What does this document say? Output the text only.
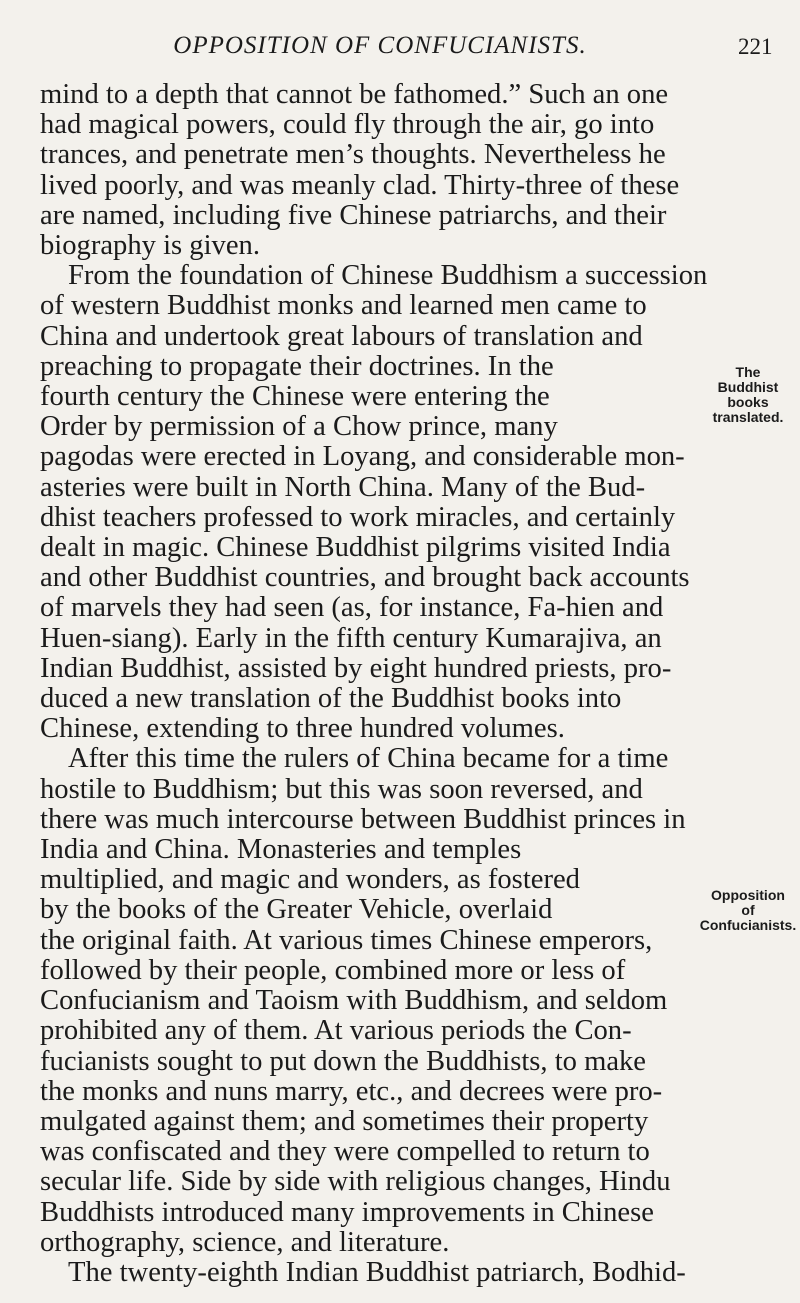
OPPOSITION OF CONFUCIANISTS.	221
mind to a depth that cannot be fathomed.” Such an one
had magical powers, could fly through the air, go into
trances, and penetrate men’s thoughts. Nevertheless he
lived poorly, and was meanly clad. Thirty-three of these
are named, including five Chinese patriarchs, and their
biography is given.
From the foundation of Chinese Buddhism a succession
of western Buddhist monks and learned men came to
China and undertook great labours of translation and
preaching to propagate their doctrines. In the
fourth century the Chinese were entering the
Order by permission of a Chow prince, many
pagodas were erected in Loyang, and considerable mon-
asteries were built in North China. Many of the Bud-
dhist teachers professed to work miracles, and certainly
dealt in magic. Chinese Buddhist pilgrims visited India
and other Buddhist countries, and brought back accounts
of marvels they had seen (as, for instance, Fa-hien and
Huen-siang). Early in the fifth century Kumarajiva, an
Indian Buddhist, assisted by eight hundred priests, pro-
duced a new translation of the Buddhist books into
Chinese, extending to three hundred volumes.
After this time the rulers of China became for a time
hostile to Buddhism; but this was soon reversed, and
there was much intercourse between Buddhist princes in
India and China. Monasteries and temples
multiplied, and magic and wonders, as fostered
by the books of the Greater Vehicle, overlaid
the original faith. At various times Chinese emperors,
followed by their people, combined more or less of
Confucianism and Taoism with Buddhism, and seldom
prohibited any of them. At various periods the Con-
fucianists sought to put down the Buddhists, to make
the monks and nuns marry, etc., and decrees were pro-
mulgated against them; and sometimes their property
was confiscated and they were compelled to return to
secular life. Side by side with religious changes, Hindu
Buddhists introduced many improvements in Chinese
orthography, science, and literature.
The twenty-eighth Indian Buddhist patriarch, Bodhid-
The
Buddhist
books
translated.
Opposition
of
Confucianists.
